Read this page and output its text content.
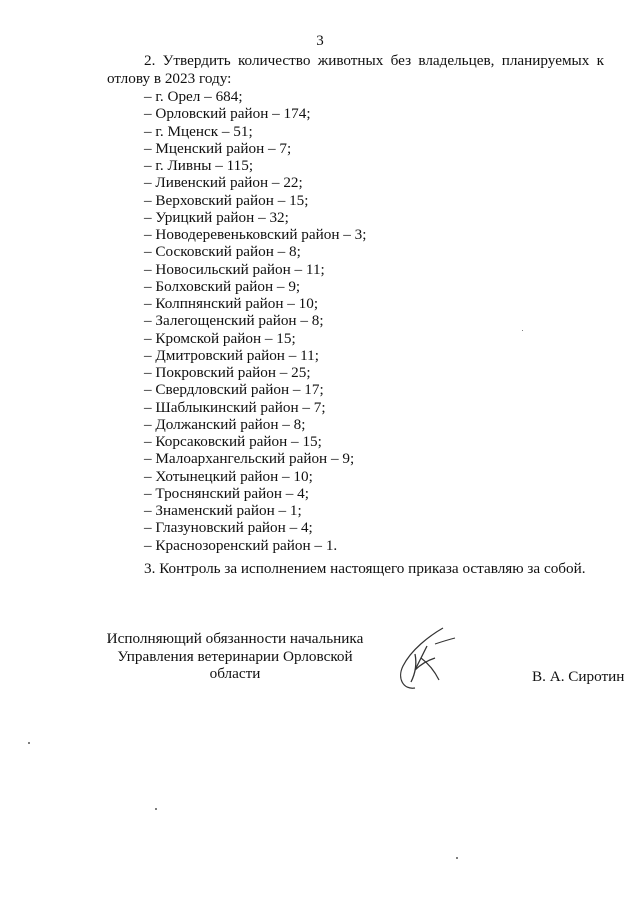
3

2. Утвердить количество животных без владельцев, планируемых к отлову в 2023 году:

– г. Орел – 684;
– Орловский район – 174;
– г. Мценск – 51;
– Мценский район – 7;
– г. Ливны – 115;
– Ливенский район – 22;
– Верховский район – 15;
– Урицкий район – 32;
– Новодеревеньковский район – 3;
– Сосковский район – 8;
– Новосильский район – 11;
– Болховский район – 9;
– Колпнянский район – 10;
– Залегощенский район – 8;
– Кромской район – 15;
– Дмитровский район – 11;
– Покровский район – 25;
– Свердловский район – 17;
– Шаблыкинский район – 7;
– Должанский район – 8;
– Корсаковский район – 15;
– Малоархангельский район – 9;
– Хотынецкий район – 10;
– Троснянский район – 4;
– Знаменский район – 1;
– Глазуновский район – 4;
– Краснозоренский район – 1.
3. Контроль за исполнением настоящего приказа оставляю за собой.
Исполняющий обязанности начальника
Управления ветеринарии Орловской
области	В. А. Сиротин
